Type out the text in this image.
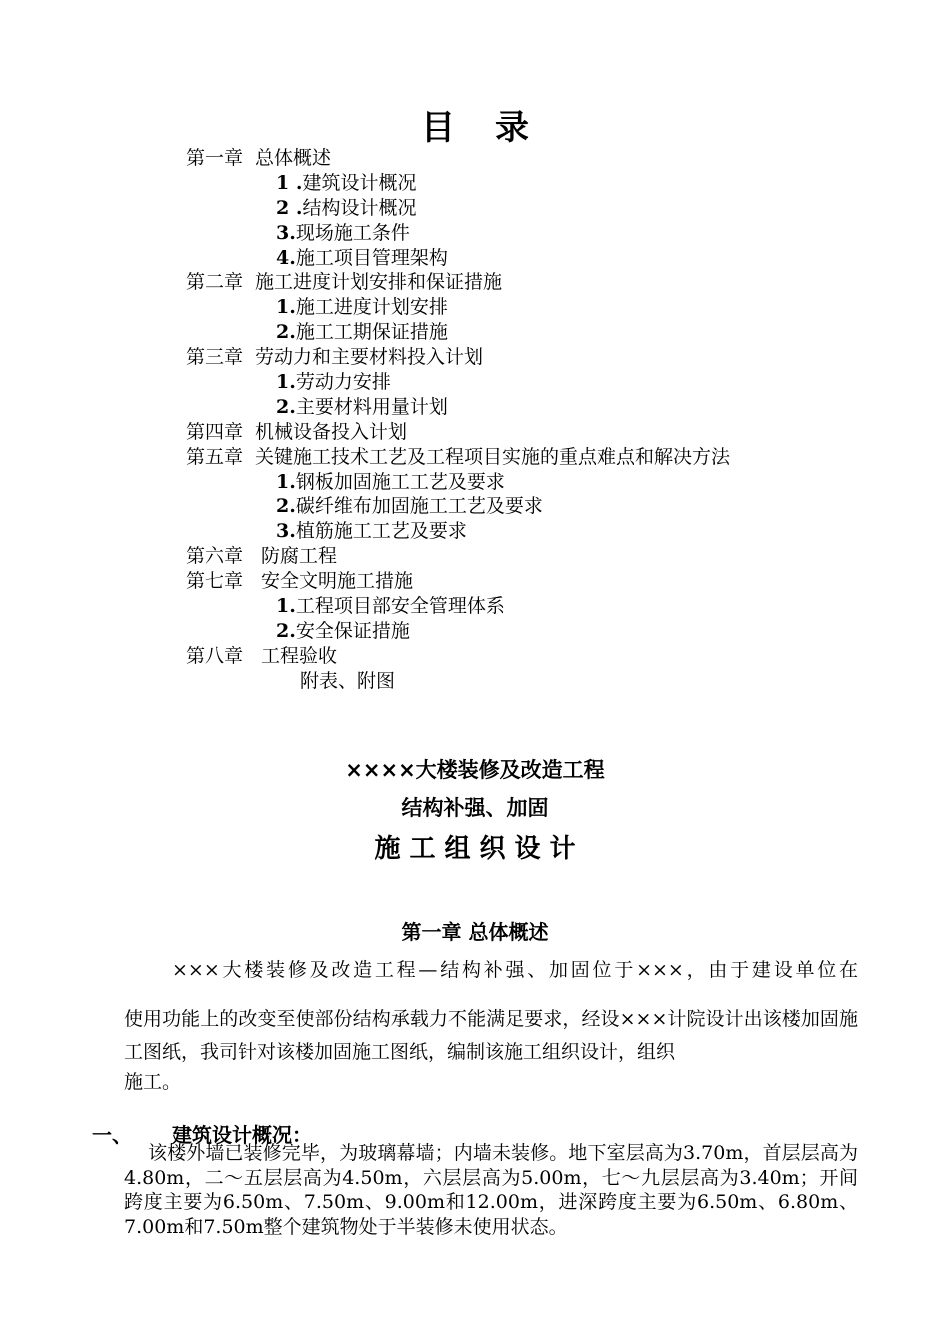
目录
第一章 总体概述
1 .建筑设计概况
2 .结构设计概况
3.现场施工条件
4.施工项目管理架构
第二章 施工进度计划安排和保证措施
1.施工进度计划安排
2.施工工期保证措施
第三章 劳动力和主要材料投入计划
1.劳动力安排
2.主要材料用量计划
第四章 机械设备投入计划
第五章 关键施工技术工艺及工程项目实施的重点难点和解决方法
1.钢板加固施工工艺及要求
2.碳纤维布加固施工工艺及要求
3.植筋施工工艺及要求
第六章 防腐工程
第七章 安全文明施工措施
1.工程项目部安全管理体系
2.安全保证措施
第八章 工程验收
附表、附图
××××大楼装修及改造工程
结构补强、加固
施工组织设计
第一章 总体概述
×××大楼装修及改造工程—结构补强、加固位于×××，由于建设单位在
使用功能上的改变至使部份结构承载力不能满足要求，经设×××计院设计出该楼加固施工图纸，我司针对该楼加固施工图纸，编制该施工组织设计，组织
施工。
一、 建筑设计概况：
该楼外墙已装修完毕，为玻璃幕墙；内墙未装修。地下室层高为3.70m，首层层高为4.80m，二～五层层高为4.50m，六层层高为5.00m，七～九层层高为3.40m；开间跨度主要为6.50m、7.50m、9.00m和12.00m，进深跨度主要为6.50m、6.80m、7.00m和7.50m整个建筑物处于半装修未使用状态。
